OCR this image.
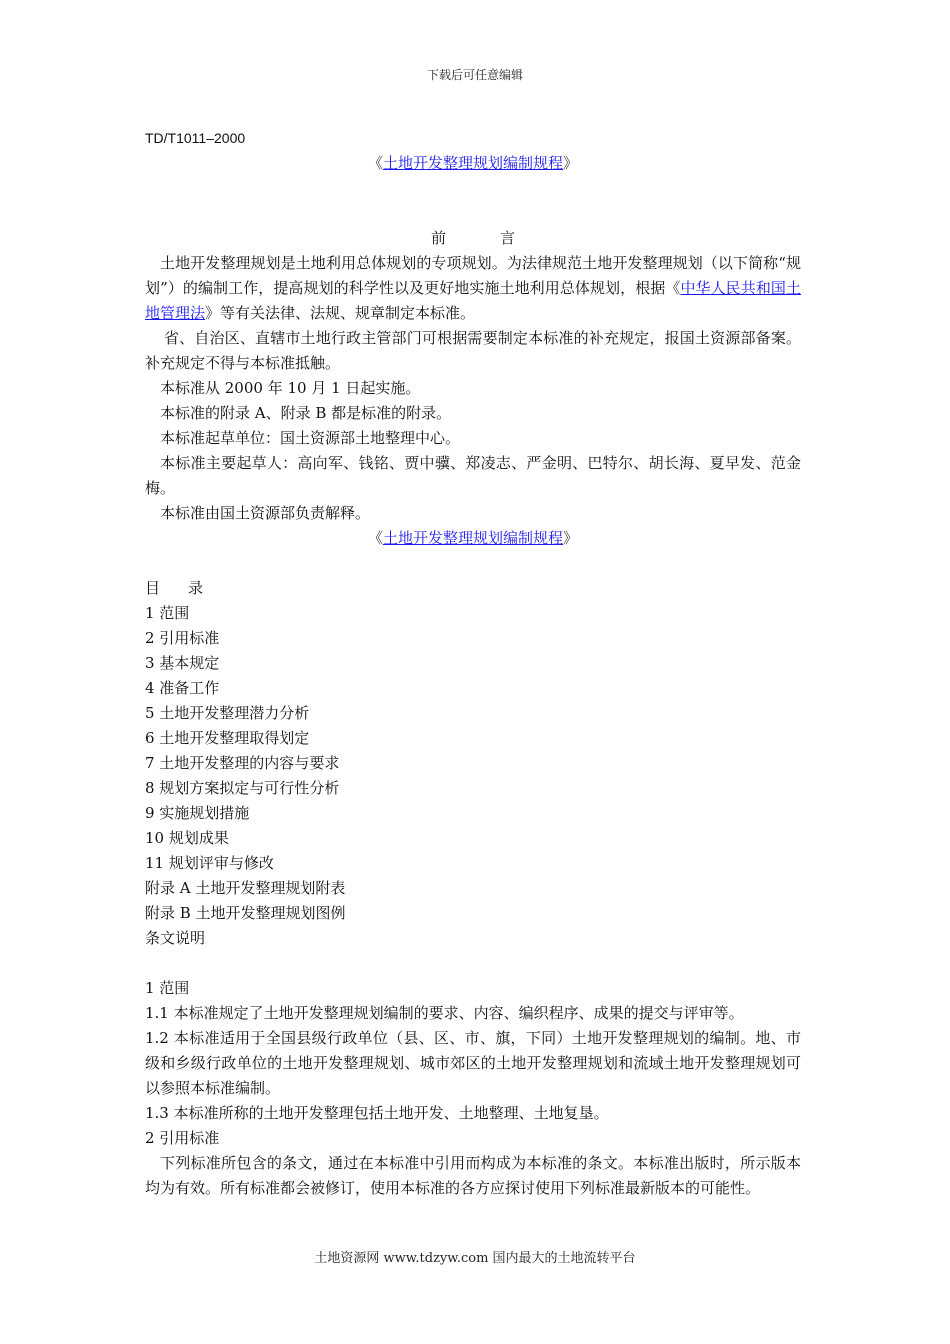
下载后可任意编辑
TD/T1011–2000
《土地开发整理规划编制规程》
前	言
土地开发整理规划是土地利用总体规划的专项规划。为法律规范土地开发整理规划（以下简称“规划”）的编制工作，提高规划的科学性以及更好地实施土地利用总体规划，根据《中华人民共和国土地管理法》等有关法律、法规、规章制定本标准。
省、自治区、直辖市土地行政主管部门可根据需要制定本标准的补充规定，报国土资源部备案。补充规定不得与本标准抵触。
本标准从 2000 年 10 月 1 日起实施。
本标准的附录 A、附录 B 都是标准的附录。
本标准起草单位：国土资源部土地整理中心。
本标准主要起草人：高向军、钱铭、贾中骥、郑凌志、严金明、巴特尔、胡长海、夏早发、范金梅。
本标准由国土资源部负责解释。
《土地开发整理规划编制规程》
目 录
1 范围
2 引用标准
3 基本规定
4 准备工作
5 土地开发整理潜力分析
6 土地开发整理取得划定
7 土地开发整理的内容与要求
8 规划方案拟定与可行性分析
9 实施规划措施
10 规划成果
11 规划评审与修改
附录 A 土地开发整理规划附表
附录 B 土地开发整理规划图例
条文说明
1 范围
1.1 本标准规定了土地开发整理规划编制的要求、内容、编织程序、成果的提交与评审等。
1.2 本标准适用于全国县级行政单位（县、区、市、旗，下同）土地开发整理规划的编制。地、市级和乡级行政单位的土地开发整理规划、城市郊区的土地开发整理规划和流域土地开发整理规划可以参照本标准编制。
1.3 本标准所称的土地开发整理包括土地开发、土地整理、土地复垦。
2 引用标准
下列标准所包含的条文，通过在本标准中引用而构成为本标准的条文。本标准出版时，所示版本均为有效。所有标准都会被修订，使用本标准的各方应探讨使用下列标准最新版本的可能性。
土地资源网 www.tdzyw.com 国内最大的土地流转平台
